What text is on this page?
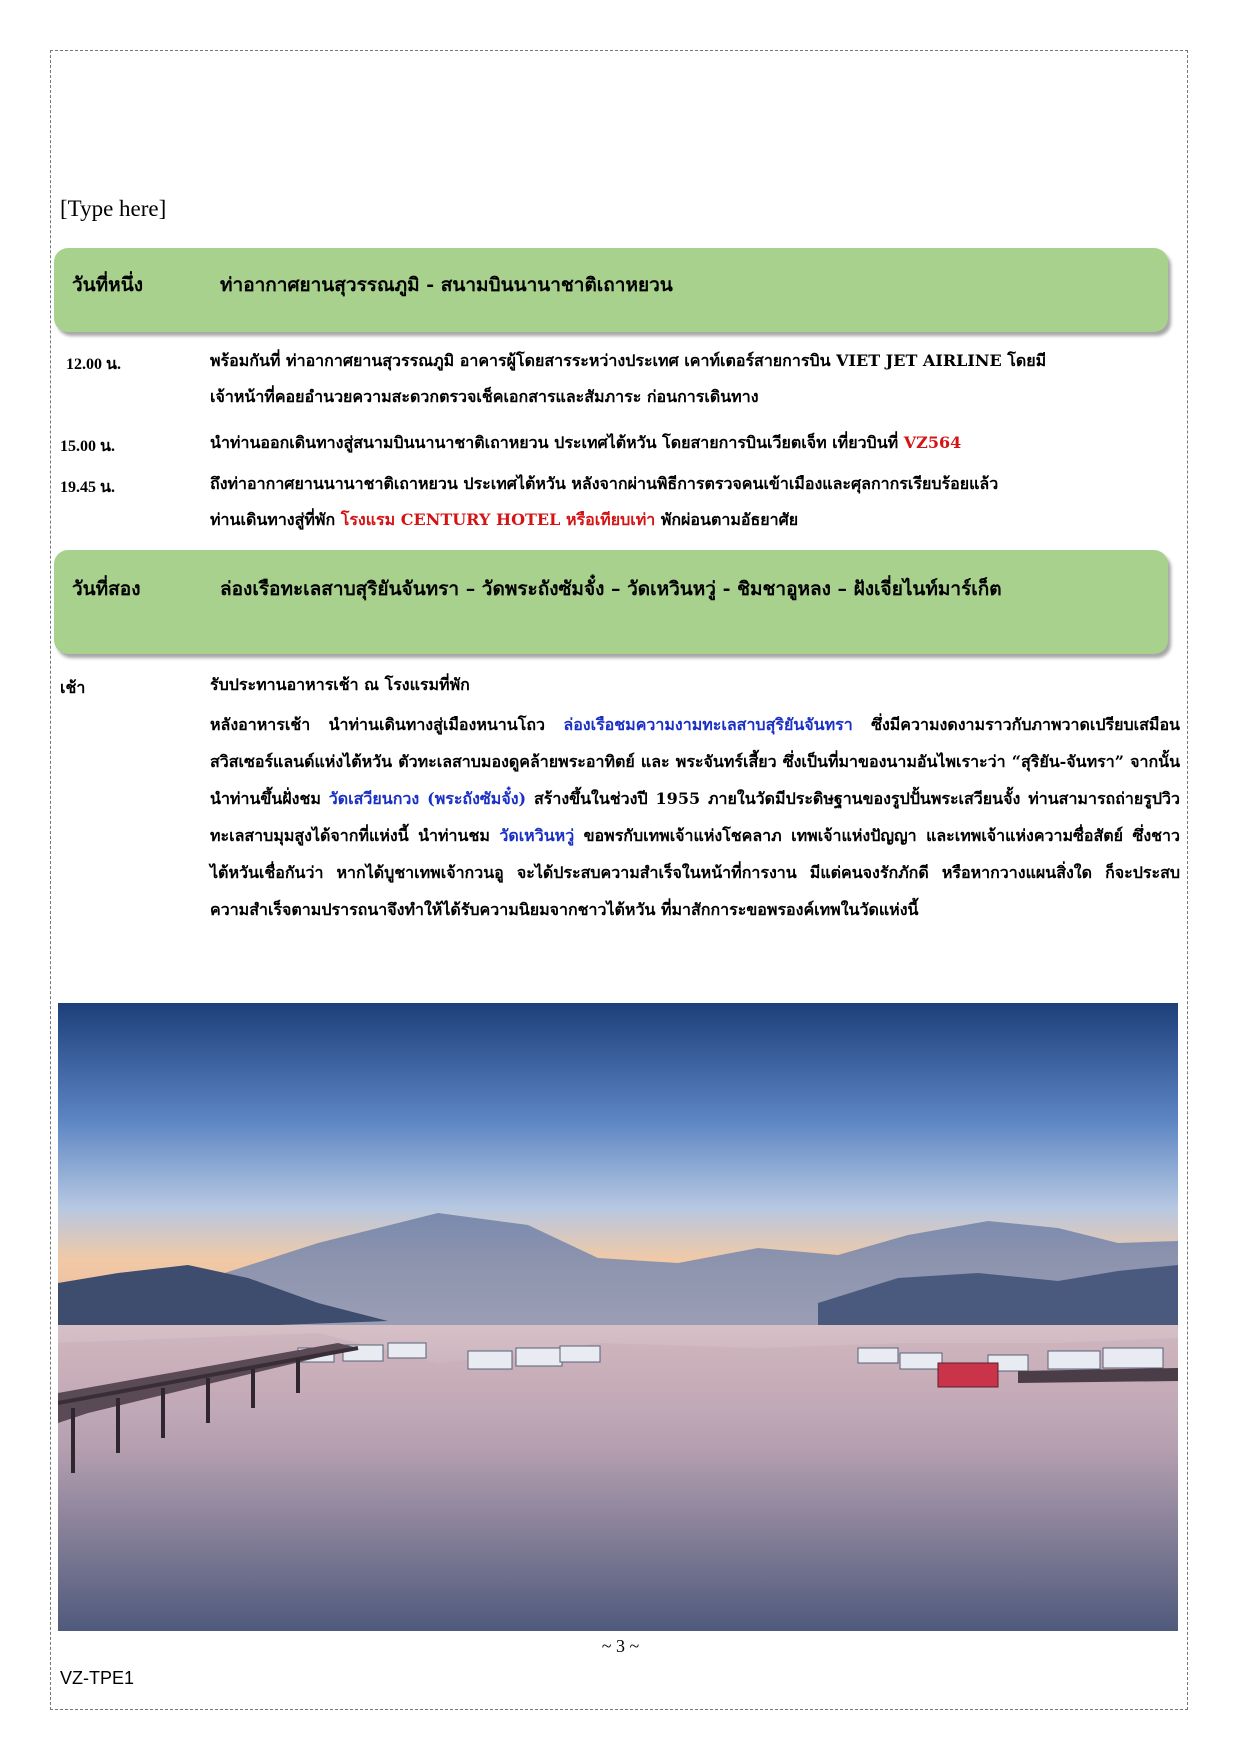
[Type here]
วันที่หนึ่ง	ท่าอากาศยานสุวรรณภูมิ - สนามบินนานาชาติเถาหยวน
12.00 น.	พร้อมกันที่ ท่าอากาศยานสุวรรณภูมิ อาคารผู้โดยสารระหว่างประเทศ เคาท์เตอร์สายการบิน VIET JET AIRLINE โดยมี
เจ้าหน้าที่คอยอำนวยความสะดวกตรวจเช็คเอกสารและสัมภาระ ก่อนการเดินทาง
15.00 น.	นำท่านออกเดินทางสู่สนามบินนานาชาติเถาหยวน ประเทศไต้หวัน โดยสายการบินเวียตเจ็ท เที่ยวบินที่ VZ564
19.45 น.	ถึงท่าอากาศยานนานาชาติเถาหยวน ประเทศไต้หวัน หลังจากผ่านพิธีการตรวจคนเข้าเมืองและศุลกากรเรียบร้อยแล้ว
ท่านเดินทางสู่ที่พัก โรงแรม CENTURY HOTEL หรือเทียบเท่า พักผ่อนตามอัธยาศัย
วันที่สอง	ล่องเรือทะเลสาบสุริยันจันทรา – วัดพระถังซัมจั๋ง – วัดเหวินหวู่ - ชิมชาอูหลง – ฝังเจี่ยไนท์มาร์เก็ต
เช้า	รับประทานอาหารเช้า ณ โรงแรมที่พัก
หลังอาหารเช้า นำท่านเดินทางสู่เมืองหนานโถว ล่องเรือชมความงามทะเลสาบสุริยันจันทรา ซึ่งมีความงดงามราวกับภาพวาดเปรียบเสมือนสวิสเซอร์แลนด์แห่งไต้หวัน ตัวทะเลสาบมองดูคล้ายพระอาทิตย์ และ พระจันทร์เสี้ยว ซึ่งเป็นที่มาของนามอันไพเราะว่า “สุริยัน-จันทรา” จากนั้นนำท่านขึ้นฝั่งชม วัดเสวียนกวง (พระถังซัมจั๋ง) สร้างขึ้นในช่วงปี 1955 ภายในวัดมีประดิษฐานของรูปปั้นพระเสวียนจั้ง ท่านสามารถถ่ายรูปวิวทะเลสาบมุมสูงได้จากที่แห่งนี้ นำท่านชม วัดเหวินหวู่ ขอพรกับเทพเจ้าแห่งโชคลาภ เทพเจ้าแห่งปัญญา และเทพเจ้าแห่งความซื่อสัตย์ ซึ่งชาวไต้หวันเชื่อกันว่า หากได้บูชาเทพเจ้ากวนอู จะได้ประสบความสำเร็จในหน้าที่การงาน มีแต่คนจงรักภักดี หรือหากวางแผนสิ่งใด ก็จะประสบความสำเร็จตามปรารถนาจึงทำให้ได้รับความนิยมจากชาวไต้หวัน ที่มาสักการะขอพรองค์เทพในวัดแห่งนี้
~ 3 ~
VZ-TPE1
